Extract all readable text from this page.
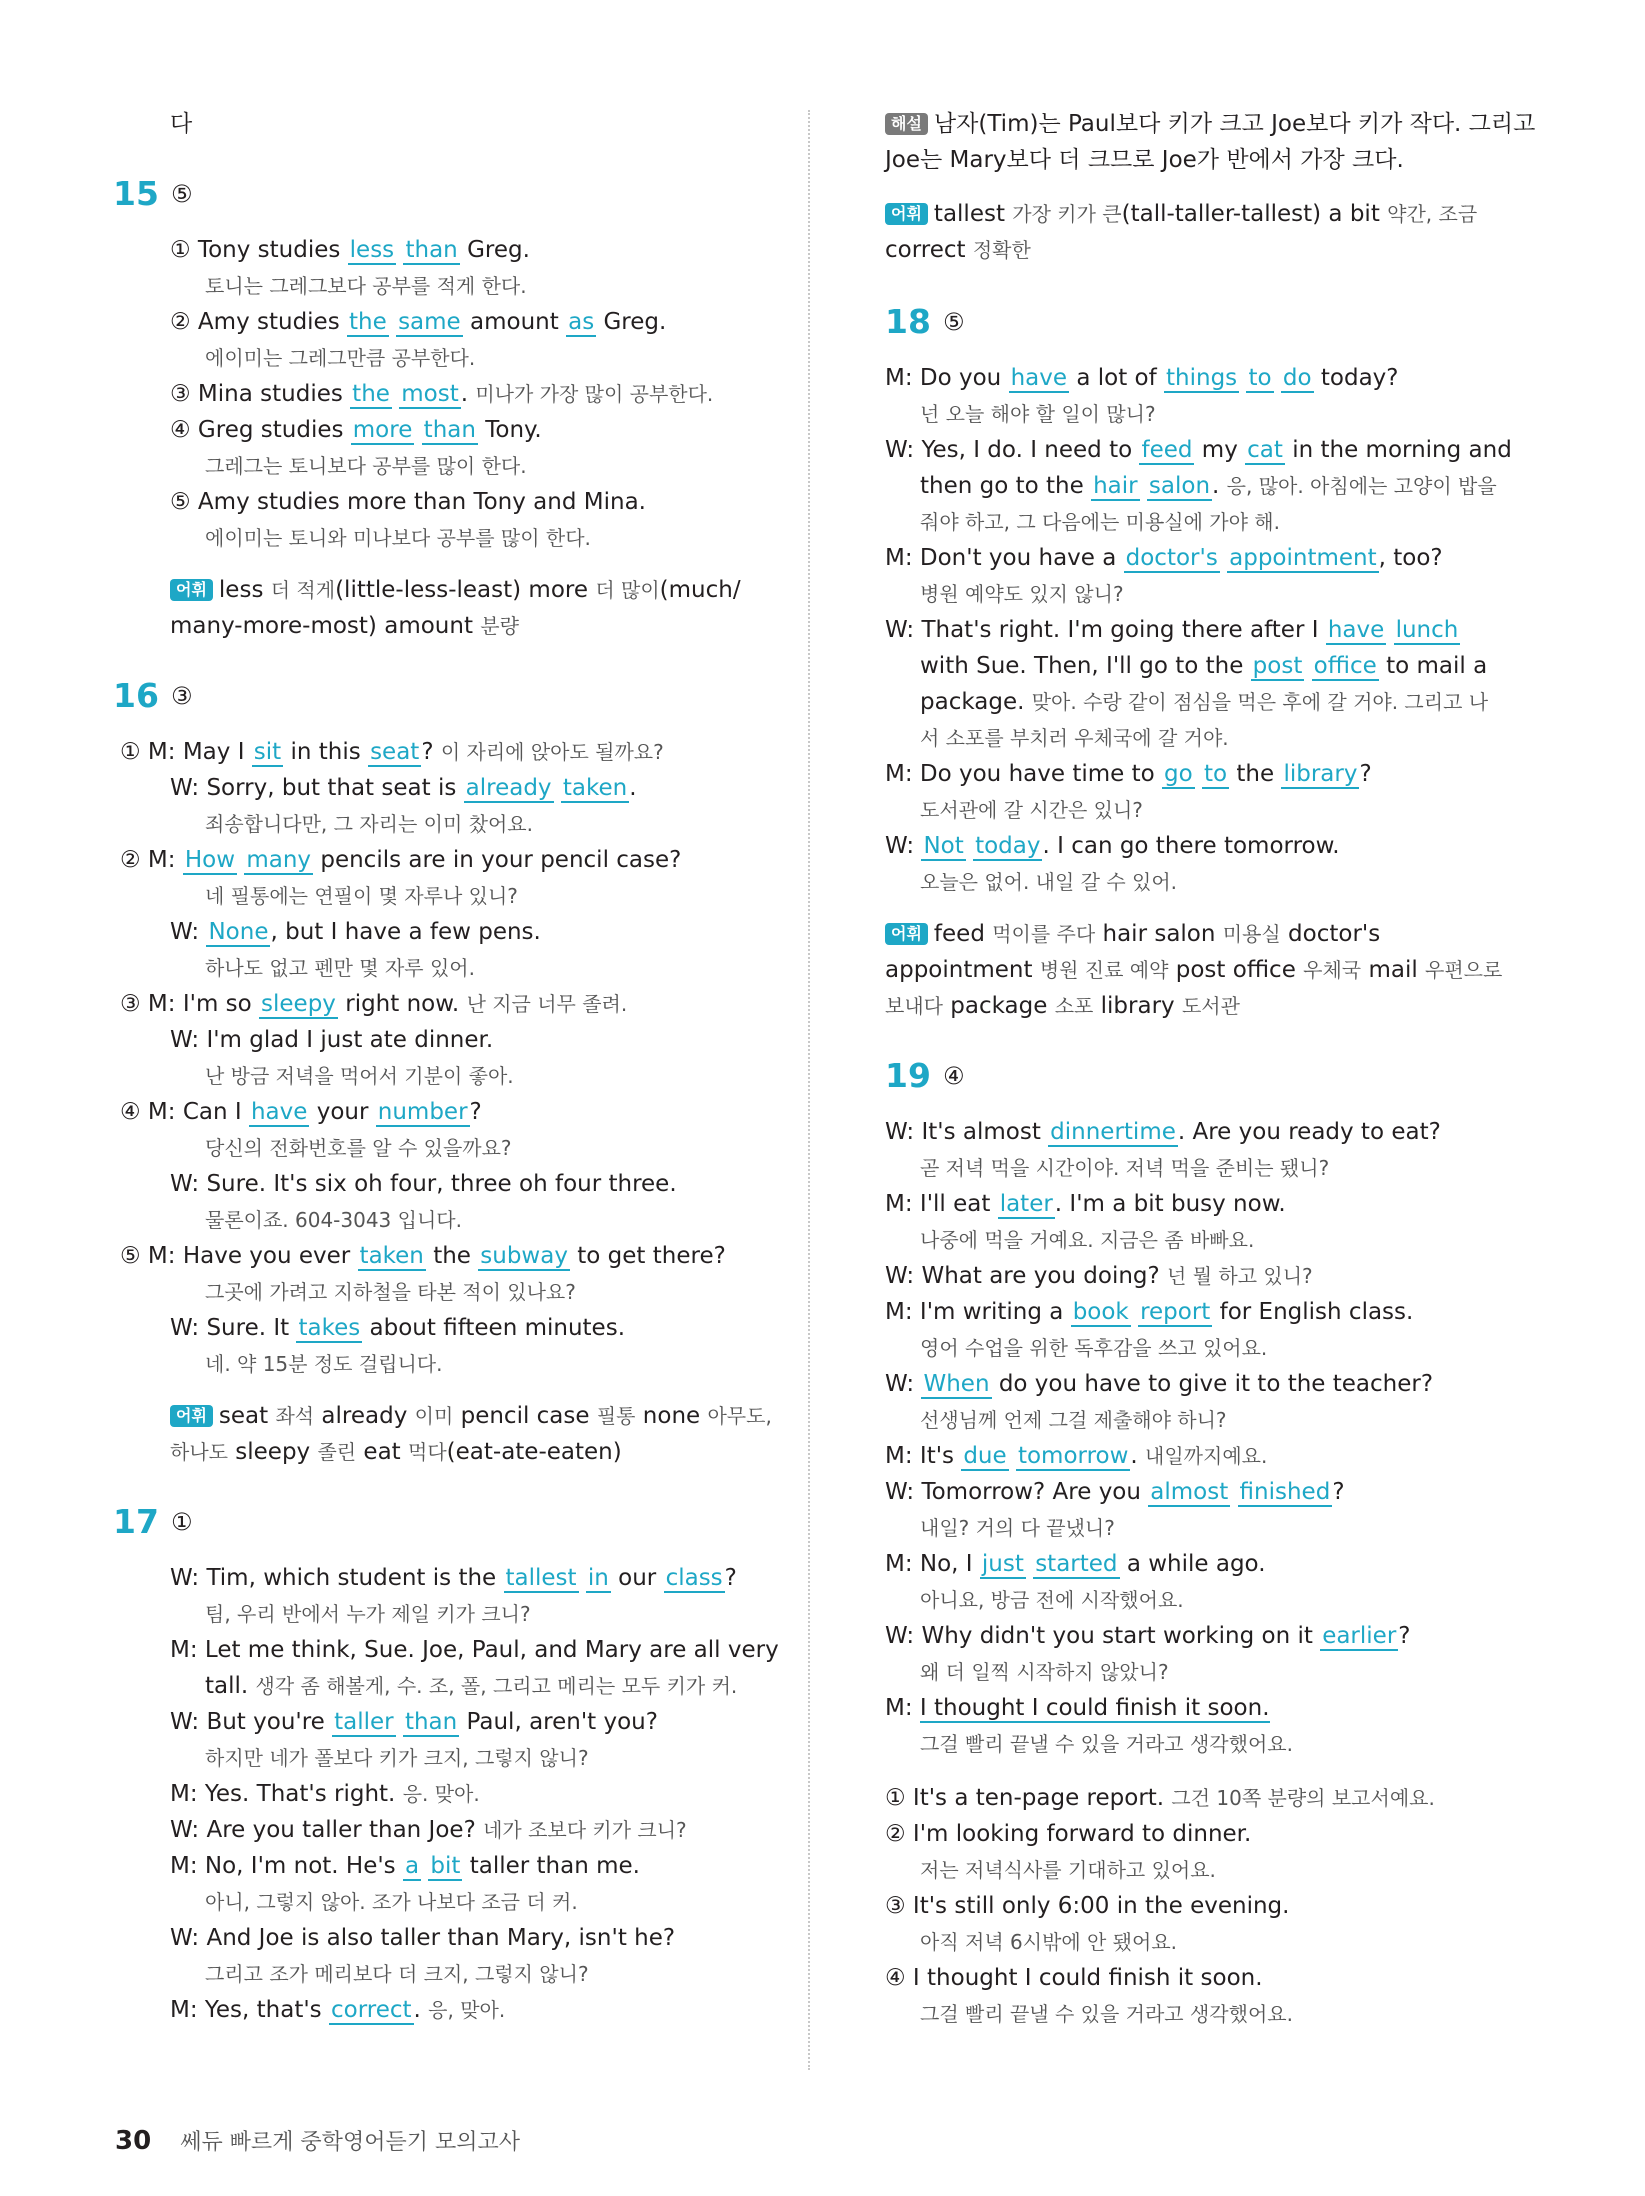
다
15 ⑤
① Tony studies less than Greg.
토니는 그레그보다 공부를 적게 한다.
② Amy studies the same amount as Greg.
에이미는 그레그만큼 공부한다.
③ Mina studies the most. 미나가 가장 많이 공부한다.
④ Greg studies more than Tony.
그레그는 토니보다 공부를 많이 한다.
⑤ Amy studies more than Tony and Mina.
에이미는 토니와 미나보다 공부를 많이 한다.
어휘 less 더 적게(little-less-least) more 더 많이(much/
many-more-most) amount 분량
16 ③
① M: May I sit in this seat? 이 자리에 앉아도 될까요?
W: Sorry, but that seat is already taken.
죄송합니다만, 그 자리는 이미 찼어요.
② M: How many pencils are in your pencil case?
네 필통에는 연필이 몇 자루나 있니?
W: None, but I have a few pens.
하나도 없고 펜만 몇 자루 있어.
③ M: I'm so sleepy right now. 난 지금 너무 졸려.
W: I'm glad I just ate dinner.
난 방금 저녁을 먹어서 기분이 좋아.
④ M: Can I have your number?
당신의 전화번호를 알 수 있을까요?
W: Sure. It's six oh four, three oh four three.
물론이죠. 604-3043 입니다.
⑤ M: Have you ever taken the subway to get there?
그곳에 가려고 지하철을 타본 적이 있나요?
W: Sure. It takes about fifteen minutes.
네. 약 15분 정도 걸립니다.
어휘 seat 좌석 already 이미 pencil case 필통 none 아무도,
하나도 sleepy 졸린 eat 먹다(eat-ate-eaten)
17 ①
W: Tim, which student is the tallest in our class?
팀, 우리 반에서 누가 제일 키가 크니?
M: Let me think, Sue. Joe, Paul, and Mary are all very
tall. 생각 좀 해볼게, 수. 조, 폴, 그리고 메리는 모두 키가 커.
W: But you're taller than Paul, aren't you?
하지만 네가 폴보다 키가 크지, 그렇지 않니?
M: Yes. That's right. 응. 맞아.
W: Are you taller than Joe? 네가 조보다 키가 크니?
M: No, I'm not. He's a bit taller than me.
아니, 그렇지 않아. 조가 나보다 조금 더 커.
W: And Joe is also taller than Mary, isn't he?
그리고 조가 메리보다 더 크지, 그렇지 않니?
M: Yes, that's correct. 응, 맞아.
해설 남자(Tim)는 Paul보다 키가 크고 Joe보다 키가 작다. 그리고
Joe는 Mary보다 더 크므로 Joe가 반에서 가장 크다.
어휘 tallest 가장 키가 큰(tall-taller-tallest) a bit 약간, 조금
correct 정확한
18 ⑤
M: Do you have a lot of things to do today?
넌 오늘 해야 할 일이 많니?
W: Yes, I do. I need to feed my cat in the morning and
then go to the hair salon. 응, 많아. 아침에는 고양이 밥을
줘야 하고, 그 다음에는 미용실에 가야 해.
M: Don't you have a doctor's appointment, too?
병원 예약도 있지 않니?
W: That's right. I'm going there after I have lunch
with Sue. Then, I'll go to the post office to mail a
package. 맞아. 수랑 같이 점심을 먹은 후에 갈 거야. 그리고 나
서 소포를 부치러 우체국에 갈 거야.
M: Do you have time to go to the library?
도서관에 갈 시간은 있니?
W: Not today. I can go there tomorrow.
오늘은 없어. 내일 갈 수 있어.
어휘 feed 먹이를 주다 hair salon 미용실 doctor's
appointment 병원 진료 예약 post office 우체국 mail 우편으로
보내다 package 소포 library 도서관
19 ④
W: It's almost dinnertime. Are you ready to eat?
곧 저녁 먹을 시간이야. 저녁 먹을 준비는 됐니?
M: I'll eat later. I'm a bit busy now.
나중에 먹을 거예요. 지금은 좀 바빠요.
W: What are you doing? 넌 뭘 하고 있니?
M: I'm writing a book report for English class.
영어 수업을 위한 독후감을 쓰고 있어요.
W: When do you have to give it to the teacher?
선생님께 언제 그걸 제출해야 하니?
M: It's due tomorrow. 내일까지예요.
W: Tomorrow? Are you almost finished?
내일? 거의 다 끝냈니?
M: No, I just started a while ago.
아니요, 방금 전에 시작했어요.
W: Why didn't you start working on it earlier?
왜 더 일찍 시작하지 않았니?
M: I thought I could finish it soon.
그걸 빨리 끝낼 수 있을 거라고 생각했어요.
① It's a ten-page report. 그건 10쪽 분량의 보고서예요.
② I'm looking forward to dinner.
저는 저녁식사를 기대하고 있어요.
③ It's still only 6:00 in the evening.
아직 저녁 6시밖에 안 됐어요.
④ I thought I could finish it soon.
그걸 빨리 끝낼 수 있을 거라고 생각했어요.
30 쎄듀 빠르게 중학영어듣기 모의고사
